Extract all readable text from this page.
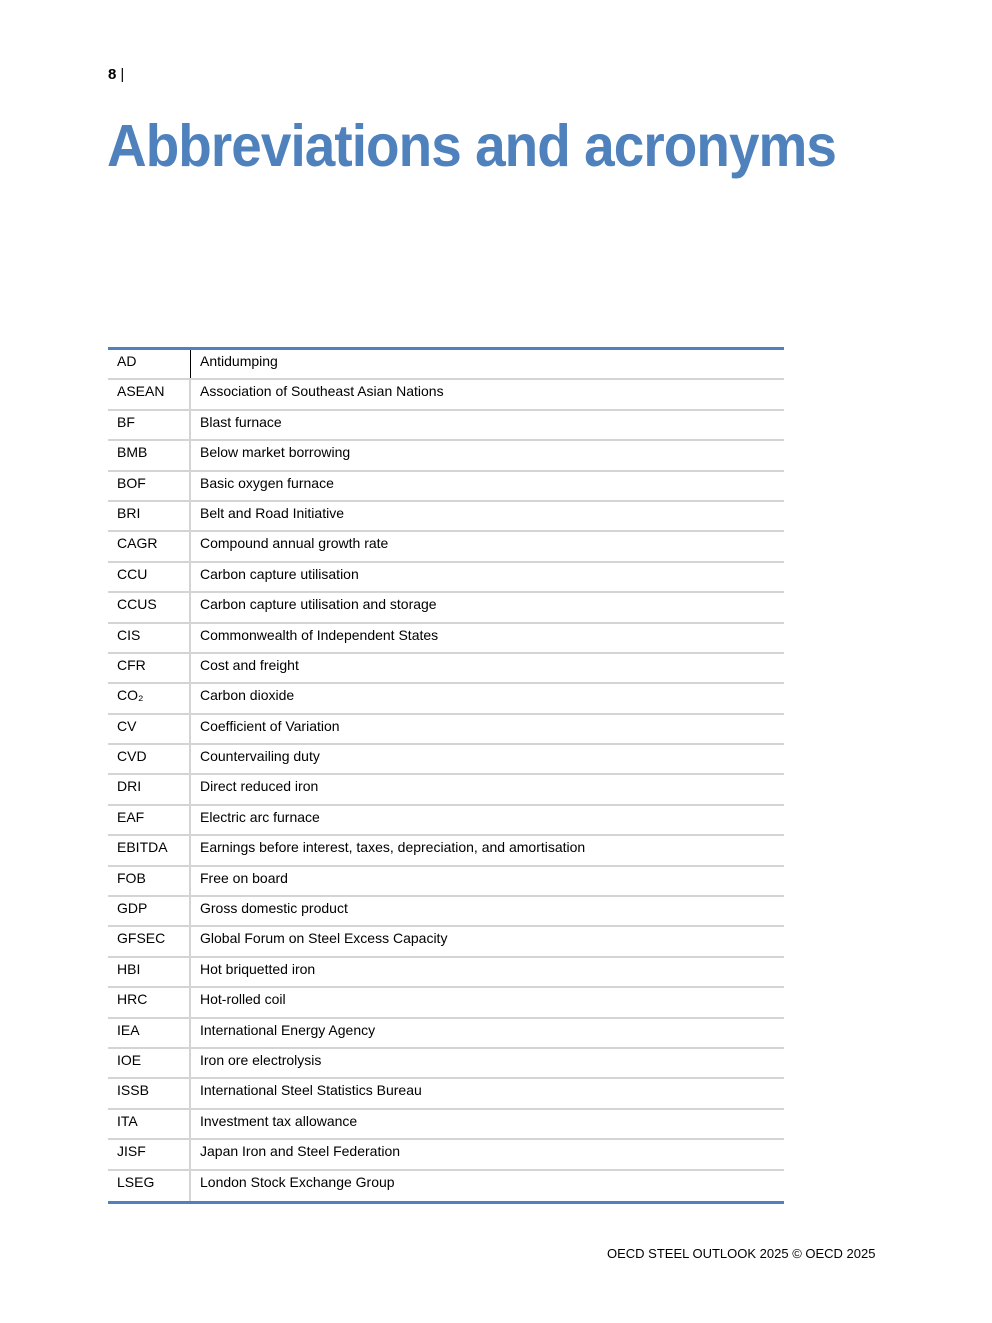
8 |
Abbreviations and acronyms
AD	Antidumping
ASEAN	Association of Southeast Asian Nations
BF	Blast furnace
BMB	Below market borrowing
BOF	Basic oxygen furnace
BRI	Belt and Road Initiative
CAGR	Compound annual growth rate
CCU	Carbon capture utilisation
CCUS	Carbon capture utilisation and storage
CIS	Commonwealth of Independent States
CFR	Cost and freight
CO₂	Carbon dioxide
CV	Coefficient of Variation
CVD	Countervailing duty
DRI	Direct reduced iron
EAF	Electric arc furnace
EBITDA	Earnings before interest, taxes, depreciation, and amortisation
FOB	Free on board
GDP	Gross domestic product
GFSEC	Global Forum on Steel Excess Capacity
HBI	Hot briquetted iron
HRC	Hot-rolled coil
IEA	International Energy Agency
IOE	Iron ore electrolysis
ISSB	International Steel Statistics Bureau
ITA	Investment tax allowance
JISF	Japan Iron and Steel Federation
LSEG	London Stock Exchange Group
OECD STEEL OUTLOOK 2025 © OECD 2025
